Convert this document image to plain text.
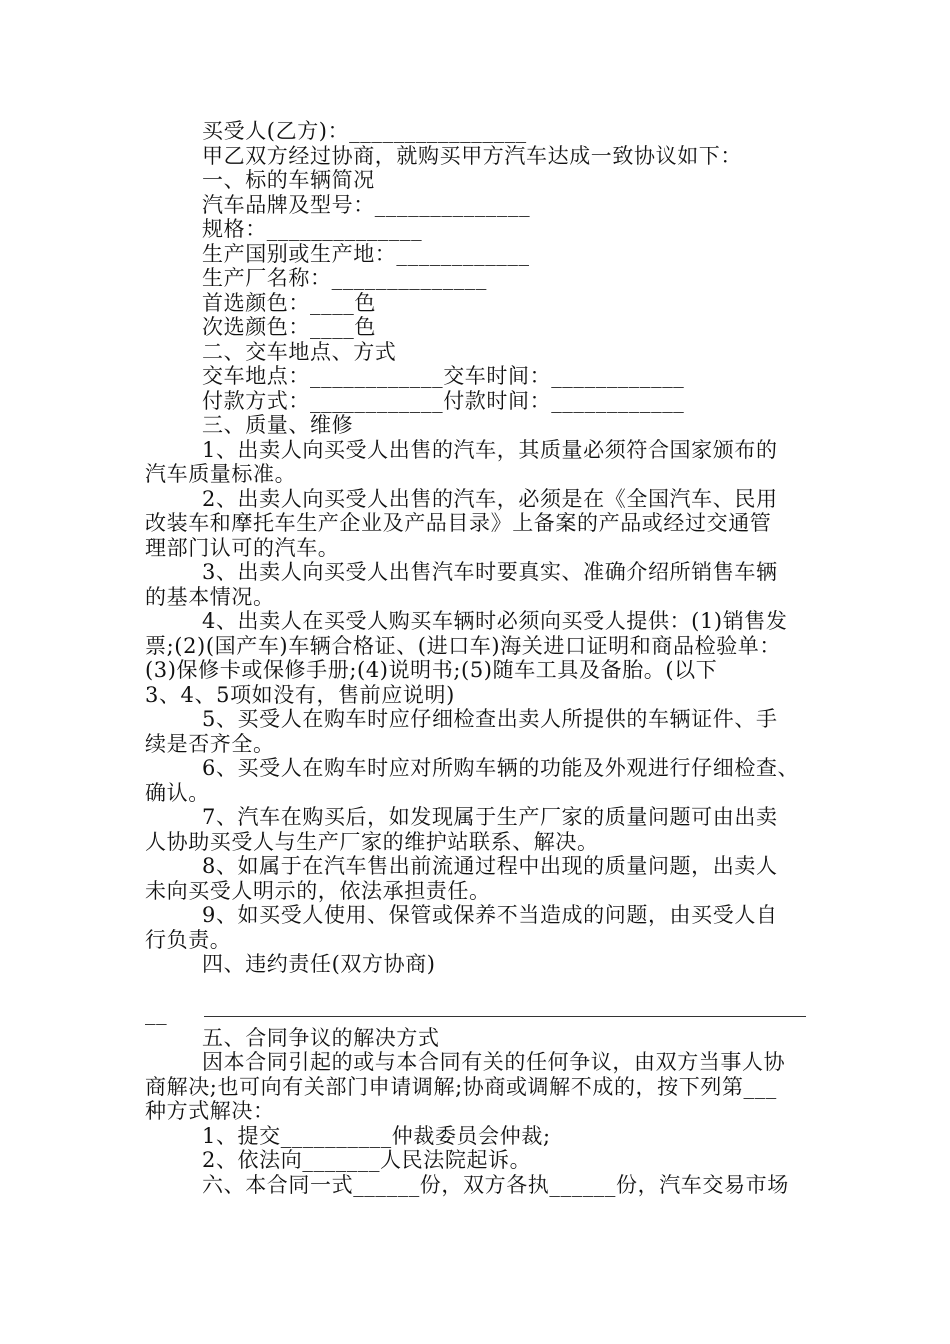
买受人(乙方)：________________
甲乙双方经过协商，就购买甲方汽车达成一致协议如下：
一、标的车辆简况
汽车品牌及型号：______________
规格：______________
生产国别或生产地：____________
生产厂名称：______________
首选颜色：____色
次选颜色：____色
二、交车地点、方式
交车地点：____________交车时间：____________
付款方式：____________付款时间：____________
三、质量、维修
1、出卖人向买受人出售的汽车，其质量必须符合国家颁布的
汽车质量标准。
2、出卖人向买受人出售的汽车，必须是在《全国汽车、民用
改装车和摩托车生产企业及产品目录》上备案的产品或经过交通管
理部门认可的汽车。
3、出卖人向买受人出售汽车时要真实、准确介绍所销售车辆
的基本情况。
4、出卖人在买受人购买车辆时必须向买受人提供：(1)销售发
票;(2)(国产车)车辆合格证、(进口车)海关进口证明和商品检验单：
(3)保修卡或保修手册;(4)说明书;(5)随车工具及备胎。(以下
3、4、5项如没有，售前应说明)
5、买受人在购车时应仔细检查出卖人所提供的车辆证件、手
续是否齐全。
6、买受人在购车时应对所购车辆的功能及外观进行仔细检查、
确认。
7、汽车在购买后，如发现属于生产厂家的质量问题可由出卖
人协助买受人与生产厂家的维护站联系、解决。
8、如属于在汽车售出前流通过程中出现的质量问题，出卖人
未向买受人明示的，依法承担责任。
9、如买受人使用、保管或保养不当造成的问题，由买受人自
行负责。
四、违约责任(双方协商)
__
五、合同争议的解决方式
因本合同引起的或与本合同有关的任何争议，由双方当事人协
商解决;也可向有关部门申请调解;协商或调解不成的，按下列第___
种方式解决：
1、提交__________仲裁委员会仲裁;
2、依法向_______人民法院起诉。
六、本合同一式______份，双方各执______份，汽车交易市场
